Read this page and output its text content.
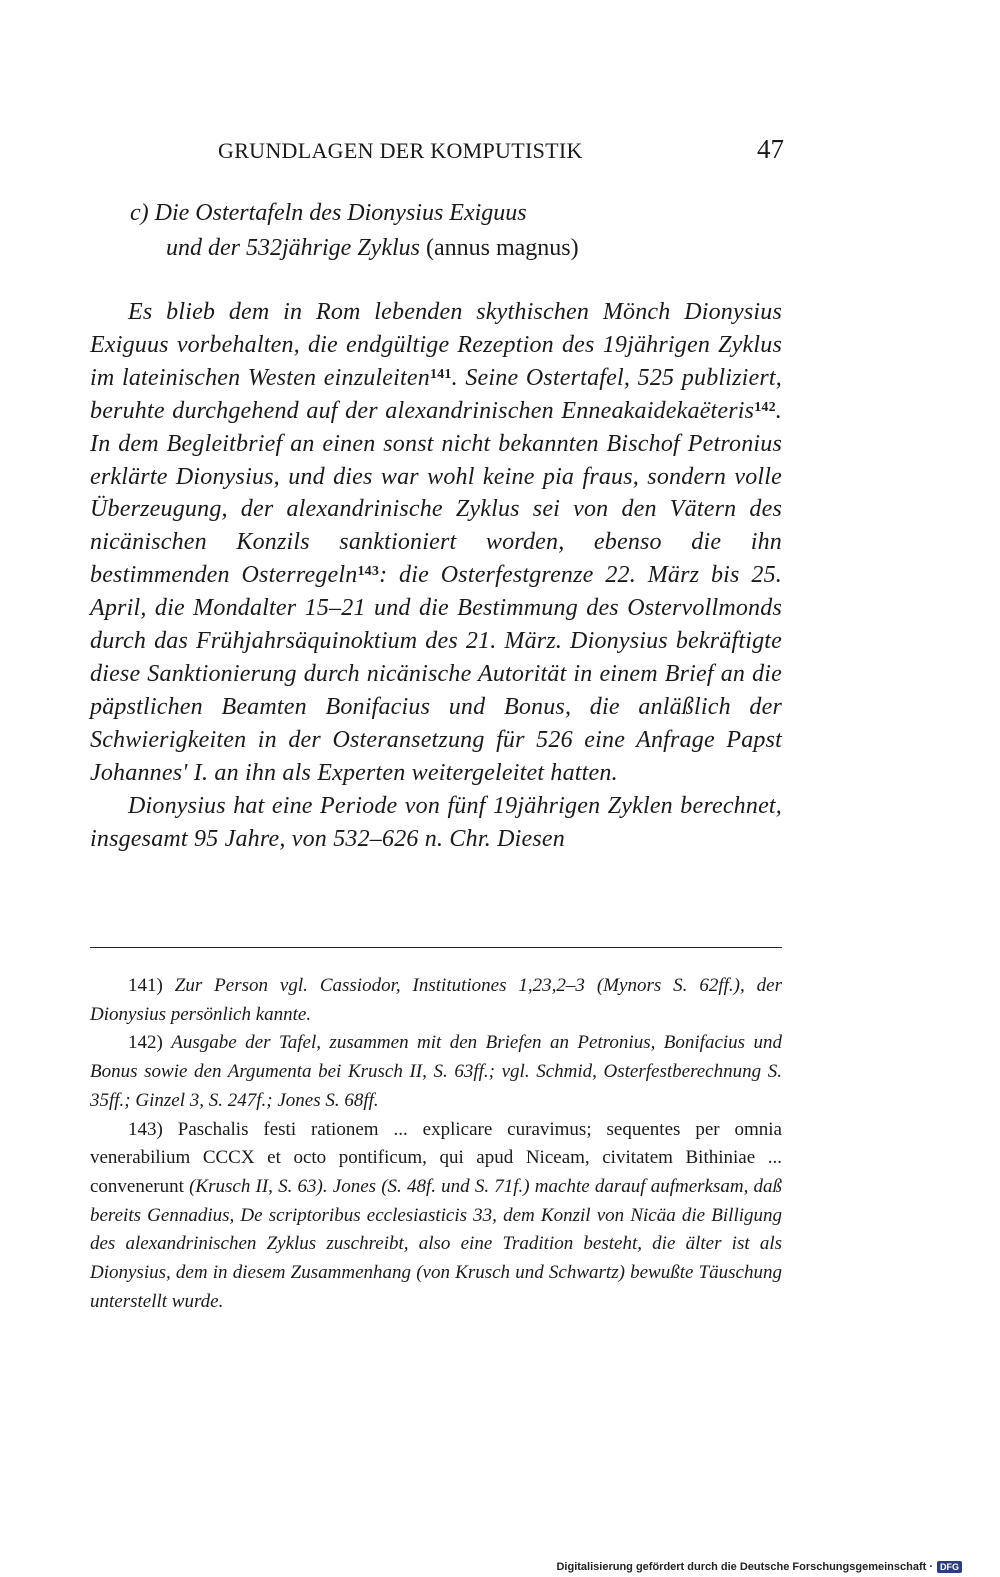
GRUNDLAGEN DER KOMPUTISTIK	47
c) Die Ostertafeln des Dionysius Exiguus
und der 532jährige Zyklus (annus magnus)

Es blieb dem in Rom lebenden skythischen Mönch Dionysius Exiguus vorbehalten, die endgültige Rezeption des 19jährigen Zyklus im lateinischen Westen einzuleiten$^{141}$. Seine Ostertafel, 525 publiziert, beruhte durchgehend auf der alexandrinischen Enneakaidekaëteris$^{142}$. In dem Begleitbrief an einen sonst nicht bekannten Bischof Petronius erklärte Dionysius, und dies war wohl keine pia fraus, sondern volle Überzeugung, der alexandrinische Zyklus sei von den Vätern des nicänischen Konzils sanktioniert worden, ebenso die ihn bestimmenden Osterregeln$^{143}$: die Osterfestgrenze 22. März bis 25. April, die Mondalter 15–21 und die Bestimmung des Ostervollmonds durch das Frühjahrsäquinoktium des 21. März. Dionysius bekräftigte diese Sanktionierung durch nicänische Autorität in einem Brief an die päpstlichen Beamten Bonifacius und Bonus, die anläßlich der Schwierigkeiten in der Osteransetzung für 526 eine Anfrage Papst Johannes' I. an ihn als Experten weitergeleitet hatten.

Dionysius hat eine Periode von fünf 19jährigen Zyklen berechnet, insgesamt 95 Jahre, von 532–626 n. Chr. Diesen

141) Zur Person vgl. Cassiodor, Institutiones 1,23,2–3 (Mynors S. 62ff.), der Dionysius persönlich kannte.

142) Ausgabe der Tafel, zusammen mit den Briefen an Petronius, Bonifacius und Bonus sowie den Argumenta bei Krusch II, S. 63ff.; vgl. Schmid, Osterfestberechnung S. 35ff.; Ginzel 3, S. 247f.; Jones S. 68ff.

143) Paschalis festi rationem ... explicare curavimus; sequentes per omnia venerabilium CCCX et octo pontificum, qui apud Niceam, civitatem Bithiniae ... convenerunt (Krusch II, S. 63). Jones (S. 48f. und S. 71f.) machte darauf aufmerksam, daß bereits Gennadius, De scriptoribus ecclesiasticis 33, dem Konzil von Nicäa die Billigung des alexandrinischen Zyklus zuschreibt, also eine Tradition besteht, die älter ist als Dionysius, dem in diesem Zusammenhang (von Krusch und Schwartz) bewußte Täuschung unterstellt wurde.

Digitalisierung gefördert durch die Deutsche Forschungsgemeinschaft · DFG
